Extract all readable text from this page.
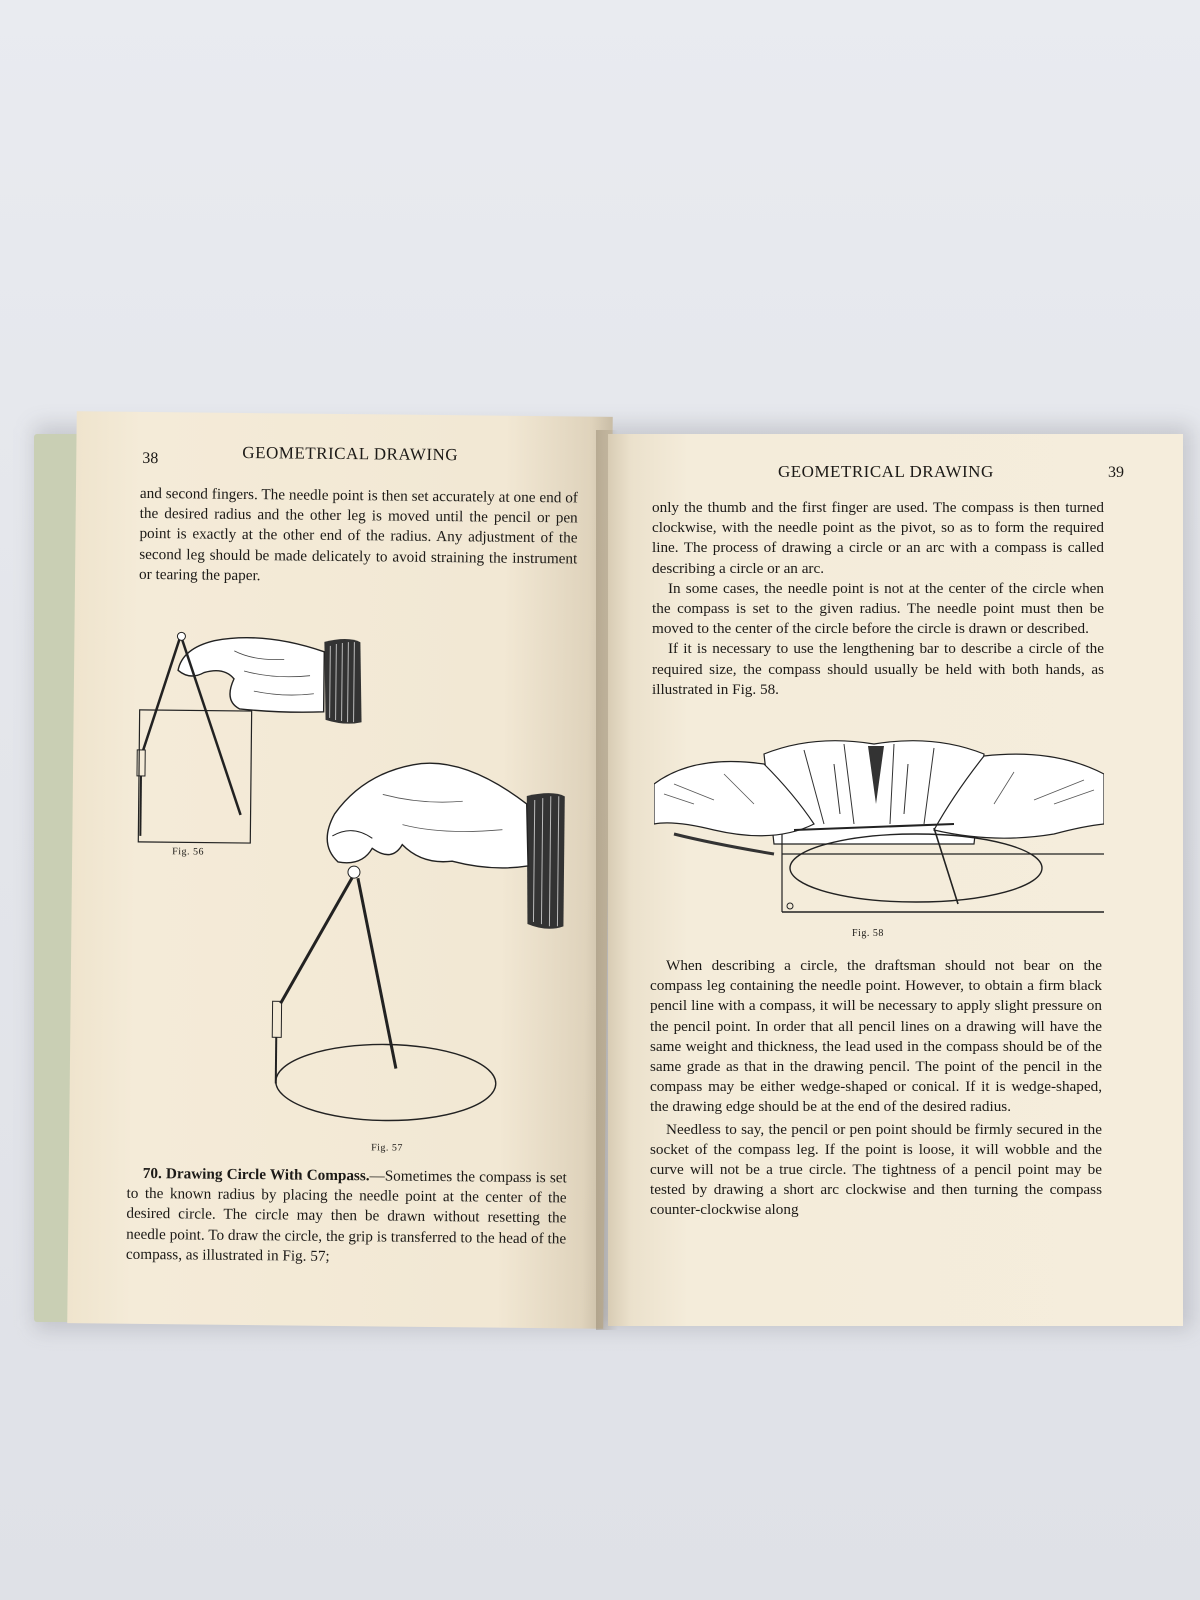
38	GEOMETRICAL DRAWING

and second fingers. The needle point is then set accurately at one end of the desired radius and the other leg is moved until the pencil or pen point is exactly at the other end of the radius. Any adjustment of the second leg should be made delicately to avoid straining the instrument or tearing the paper.

Fig. 56
Fig. 57

70. Drawing Circle With Compass.—Sometimes the compass is set to the known radius by placing the needle point at the center of the desired circle. The circle may then be drawn without resetting the needle point. To draw the circle, the grip is transferred to the head of the compass, as illustrated in Fig. 57;

GEOMETRICAL DRAWING	39

only the thumb and the first finger are used. The compass is then turned clockwise, with the needle point as the pivot, so as to form the required line. The process of drawing a circle or an arc with a compass is called describing a circle or an arc.

In some cases, the needle point is not at the center of the circle when the compass is set to the given radius. The needle point must then be moved to the center of the circle before the circle is drawn or described.

If it is necessary to use the lengthening bar to describe a circle of the required size, the compass should usually be held with both hands, as illustrated in Fig. 58.

Fig. 58

When describing a circle, the draftsman should not bear on the compass leg containing the needle point. However, to obtain a firm black pencil line with a compass, it will be necessary to apply slight pressure on the pencil point. In order that all pencil lines on a drawing will have the same weight and thickness, the lead used in the compass should be of the same grade as that in the drawing pencil. The point of the pencil in the compass may be either wedge-shaped or conical. If it is wedge-shaped, the drawing edge should be at the end of the desired radius.

Needless to say, the pencil or pen point should be firmly secured in the socket of the compass leg. If the point is loose, it will wobble and the curve will not be a true circle. The tightness of a pencil point may be tested by drawing a short arc clockwise and then turning the compass counter-clockwise along
